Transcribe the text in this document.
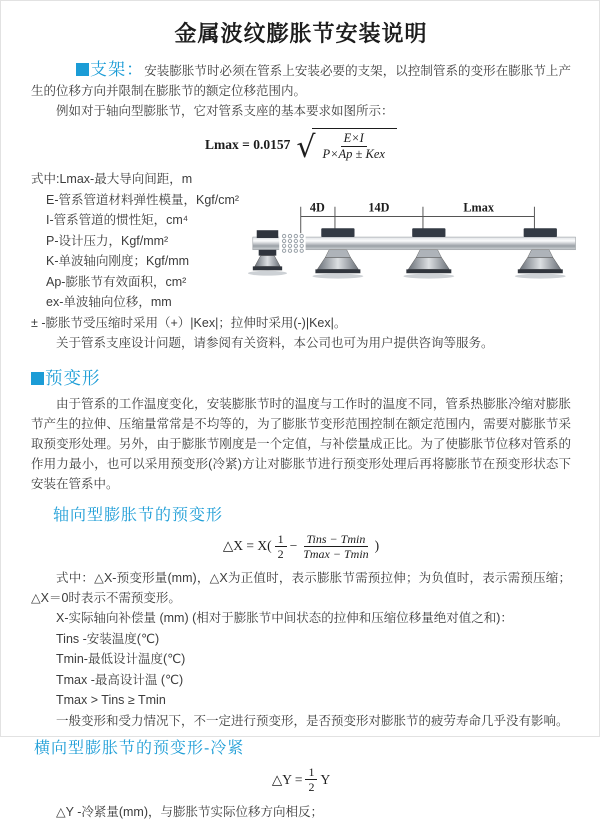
金属波纹膨胀节安装说明

支架：安装膨胀节时必须在管系上安装必要的支架，以控制管系的变形在膨胀节上产生的位移方向并限制在膨胀节的额定位移范围内。

例如对于轴向型膨胀节，它对管系支座的基本要求如图所示：

Lmax = 0.0157 √ $\frac{E\times I}{\text{P×Ap ± Kex}}$
式中:Lmax-最大导向间距，m
E-管系管道材料弹性模量，Kgf/cm²
I-管系管道的惯性矩，cm⁴
P-设计压力，Kgf/mm²
K-单波轴向刚度；Kgf/mm
Ap-膨胀节有效面积，cm²
ex-单波轴向位移，mm
4D	14D	Lmax

± -膨胀节受压缩时采用（+）|Kex|；拉伸时采用(-)|Kex|。

关于管系支座设计问题，请参阅有关资料，本公司也可为用户提供咨询等服务。

预变形

由于管系的工作温度变化，安装膨胀节时的温度与工作时的温度不同，管系热膨胀冷缩对膨胀节产生的拉伸、压缩量常常是不均等的，为了膨胀节变形范围控制在额定范围内，需要对膨胀节采取预变形处理。另外，由于膨胀节刚度是一个定值，与补偿量成正比。为了使膨胀节位移对管系的作用力最小，也可以采用预变形(冷紧)方让对膨胀节进行预变形处理后再将膨胀节在预变形状态下安装在管系中。

轴向型膨胀节的预变形
△X = $X( \frac{1}{2} - \frac{\text{Tins − Tmin}}{Tmax - Tmin}$ )

式中：△X-预变形量(mm)，△X为正值时，表示膨胀节需预拉伸；为负值时，表示需预压缩；△X＝0时表示不需预变形。

X-实际轴向补偿量 (mm) (相对于膨胀节中间状态的拉伸和压缩位移量绝对值之和)：
Tins -安装温度(℃)
Tmin-最低设计温度(℃)
Tmax -最高设计温 (℃)
Tmax > Tins ≥ Tmin

一般变形和受力情况下，不一定进行预变形，是否预变形对膨胀节的疲劳寿命几乎没有影响。

横向型膨胀节的预变形-冷紧
△Y = $\frac{1}{2}$ Y

△Y -冷紧量(mm)，与膨胀节实际位移方向相反；
